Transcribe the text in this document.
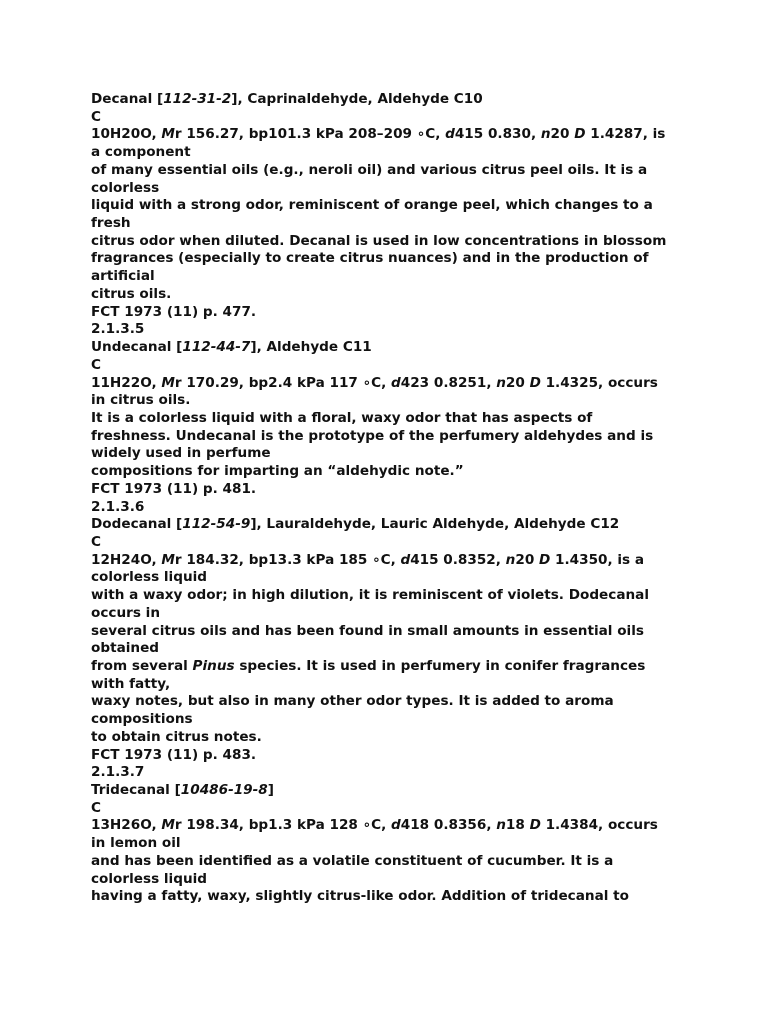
Decanal [112-31-2], Caprinaldehyde, Aldehyde C10
C
10H20O, Mr 156.27, bp101.3 kPa 208–209 ∘C, d415 0.830, n20 D 1.4287, is
a component
of many essential oils (e.g., neroli oil) and various citrus peel oils. It is a
colorless
liquid with a strong odor, reminiscent of orange peel, which changes to a
fresh
citrus odor when diluted. Decanal is used in low concentrations in blossom
fragrances (especially to create citrus nuances) and in the production of
artificial
citrus oils.
FCT 1973 (11) p. 477.
2.1.3.5
Undecanal [112-44-7], Aldehyde C11
C
11H22O, Mr 170.29, bp2.4 kPa 117 ∘C, d423 0.8251, n20 D 1.4325, occurs
in citrus oils.
It is a colorless liquid with a floral, waxy odor that has aspects of
freshness. Undecanal is the prototype of the perfumery aldehydes and is
widely used in perfume
compositions for imparting an “aldehydic note.”
FCT 1973 (11) p. 481.
2.1.3.6
Dodecanal [112-54-9], Lauraldehyde, Lauric Aldehyde, Aldehyde C12
C
12H24O, Mr 184.32, bp13.3 kPa 185 ∘C, d415 0.8352, n20 D 1.4350, is a
colorless liquid
with a waxy odor; in high dilution, it is reminiscent of violets. Dodecanal
occurs in
several citrus oils and has been found in small amounts in essential oils
obtained
from several Pinus species. It is used in perfumery in conifer fragrances
with fatty,
waxy notes, but also in many other odor types. It is added to aroma
compositions
to obtain citrus notes.
FCT 1973 (11) p. 483.
2.1.3.7
Tridecanal [10486-19-8]
C
13H26O, Mr 198.34, bp1.3 kPa 128 ∘C, d418 0.8356, n18 D 1.4384, occurs
in lemon oil
and has been identified as a volatile constituent of cucumber. It is a
colorless liquid
having a fatty, waxy, slightly citrus-like odor. Addition of tridecanal to
